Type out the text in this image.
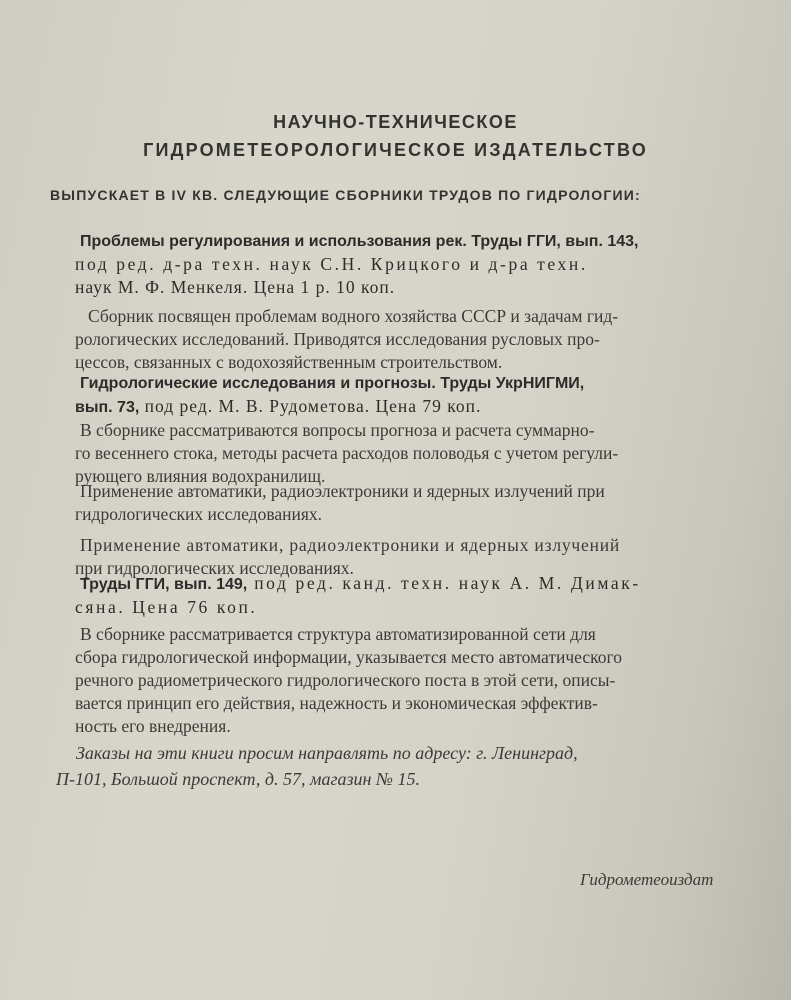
НАУЧНО-ТЕХНИЧЕСКОЕ
ГИДРОМЕТЕОРОЛОГИЧЕСКОЕ ИЗДАТЕЛЬСТВО
ВЫПУСКАЕТ В IV КВ. СЛЕДУЮЩИЕ СБОРНИКИ ТРУДОВ ПО ГИДРОЛОГИИ:
Проблемы регулирования и использования рек. Труды ГГИ, вып. 143,
под ред. д-ра техн. наук С.Н. Крицкого и д-ра техн.
наук М. Ф. Менкеля. Цена 1 р. 10 коп.
Сборник посвящен проблемам водного хозяйства СССР и задачам гид-
рологических исследований. Приводятся исследования русловых про-
цессов, связанных с водохозяйственным строительством.
Гидрологические исследования и прогнозы. Труды УкрНИГМИ,
вып. 73, под ред. М. В. Рудометова. Цена 79 коп.
В сборнике рассматриваются вопросы прогноза и расчета суммарно-
го весеннего стока, методы расчета расходов половодья с учетом регули-
рующего влияния водохранилищ.
Применение автоматики, радиоэлектроники и ядерных излучений при
гидрологических исследованиях.
Применение автоматики, радиоэлектроники и ядерных излучений
при гидрологических исследованиях.
Труды ГГИ, вып. 149, под ред. канд. техн. наук А. М. Димак-
сяна. Цена 76 коп.
В сборнике рассматривается структура автоматизированной сети для
сбора гидрологической информации, указывается место автоматического
речного радиометрического гидрологического поста в этой сети, описы-
вается принцип его действия, надежность и экономическая эффектив-
ность его внедрения.
Заказы на эти книги просим направлять по адресу: г. Ленинград,
П-101, Большой проспект, д. 57, магазин № 15.
Гидрометеоиздат
